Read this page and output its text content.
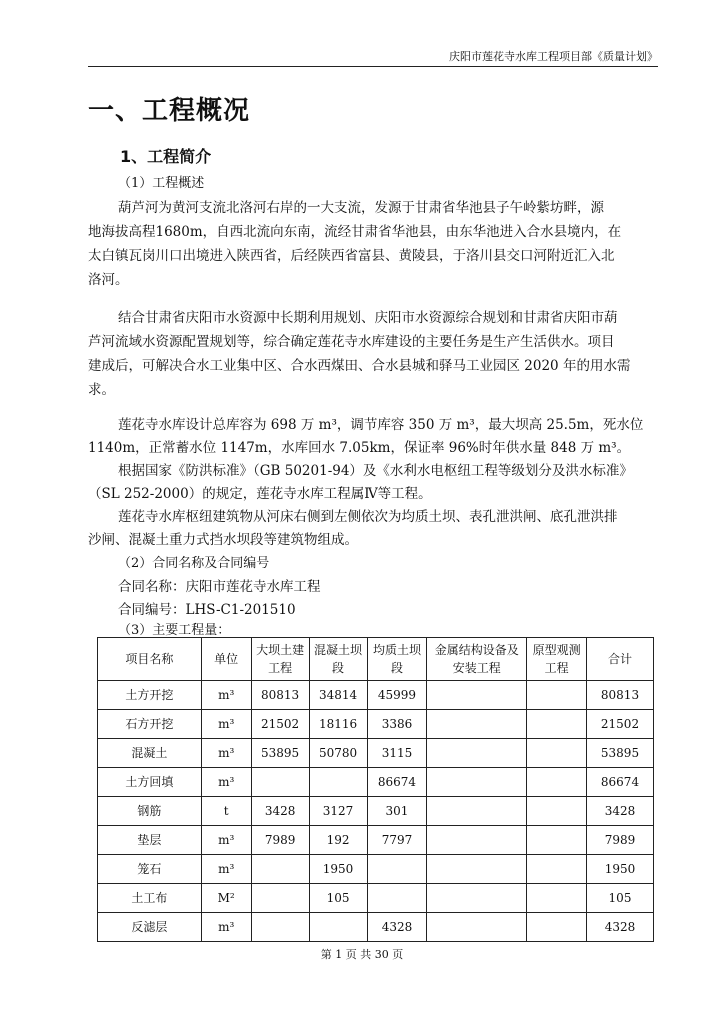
庆阳市莲花寺水库工程项目部《质量计划》
一、工程概况
1、工程简介
（1）工程概述
葫芦河为黄河支流北洛河右岸的一大支流，发源于甘肃省华池县子午岭紫坊畔，源
地海拔高程1680m，自西北流向东南，流经甘肃省华池县，由东华池进入合水县境内，在
太白镇瓦岗川口出境进入陕西省，后经陕西省富县、黄陵县，于洛川县交口河附近汇入北
洛河。
结合甘肃省庆阳市水资源中长期利用规划、庆阳市水资源综合规划和甘肃省庆阳市葫
芦河流域水资源配置规划等，综合确定莲花寺水库建设的主要任务是生产生活供水。项目
建成后，可解决合水工业集中区、合水西煤田、合水县城和驿马工业园区 2020 年的用水需
求。
莲花寺水库设计总库容为 698 万 m³，调节库容 350 万 m³，最大坝高 25.5m，死水位
1140m，正常蓄水位 1147m，水库回水 7.05km，保证率 96%时年供水量 848 万 m³。
根据国家《防洪标准》（GB 50201-94）及《水利水电枢纽工程等级划分及洪水标准》
（SL 252-2000）的规定，莲花寺水库工程属Ⅳ等工程。
莲花寺水库枢纽建筑物从河床右侧到左侧依次为均质土坝、表孔泄洪闸、底孔泄洪排
沙闸、混凝土重力式挡水坝段等建筑物组成。
（2）合同名称及合同编号
合同名称：庆阳市莲花寺水库工程
合同编号：LHS-C1-201510
（3）主要工程量：
项目名称	单位	大坝土建工程	混凝土坝段	均质土坝段	金属结构设备及安装工程	原型观测工程	合计
土方开挖	m³	80813	34814	45999			80813
石方开挖	m³	21502	18116	3386			21502
混凝土	m³	53895	50780	3115			53895
土方回填	m³			86674			86674
钢筋	t	3428	3127	301			3428
垫层	m³	7989	192	7797			7989
笼石	m³		1950				1950
土工布	M²		105				105
反滤层	m³			4328			4328
第 1 页 共 30 页
